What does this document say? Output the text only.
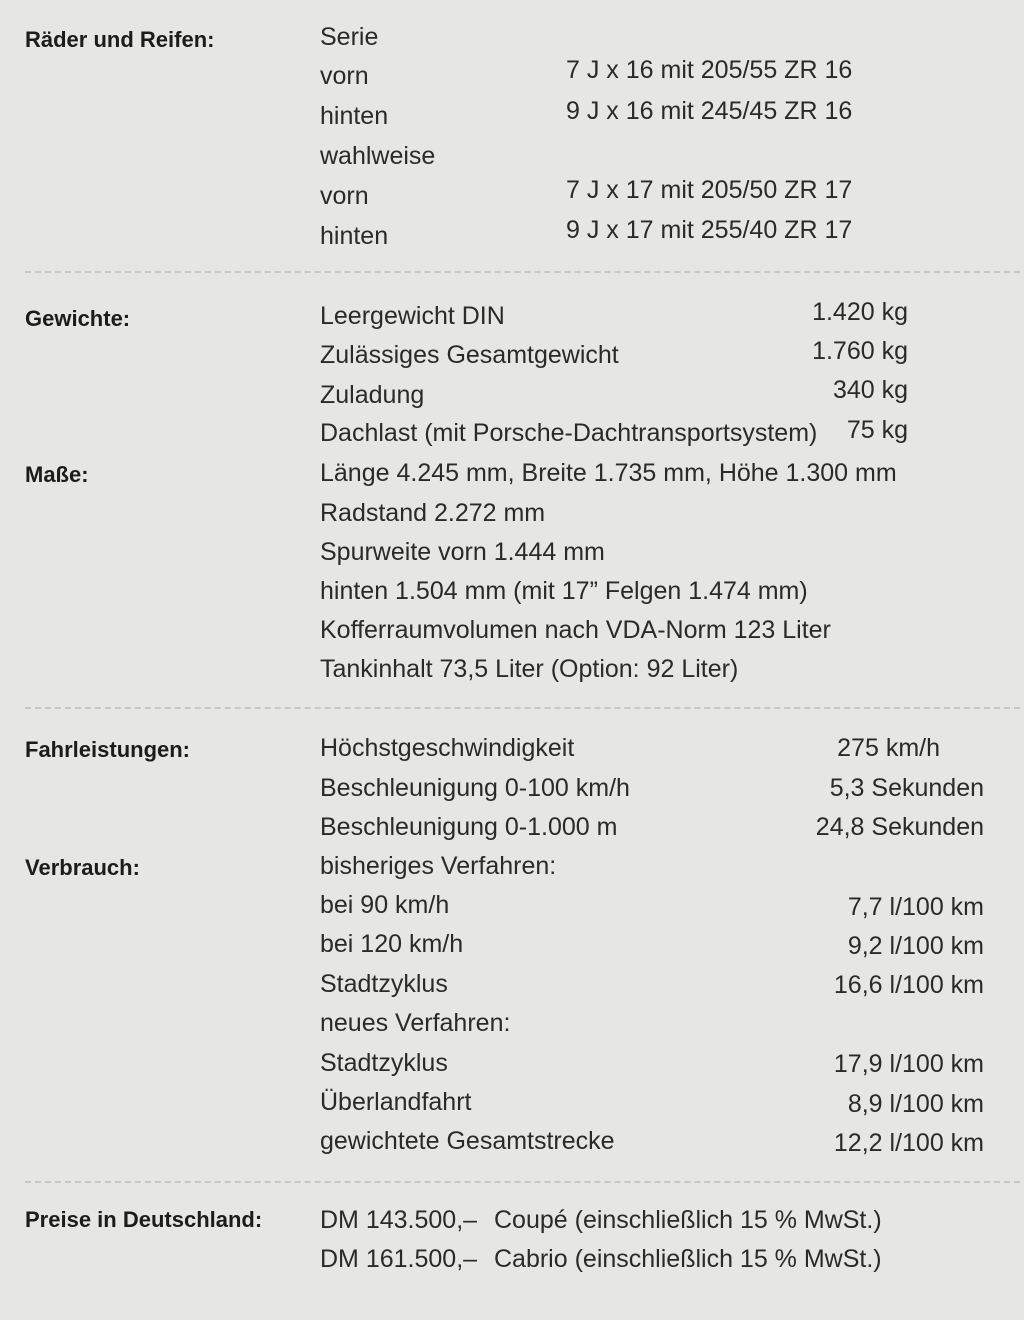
Räder und Reifen:	Serie
vorn	7 J x 16 mit 205/55 ZR 16
hinten	9 J x 16 mit 245/45 ZR 16
wahlweise
vorn	7 J x 17 mit 205/50 ZR 17
hinten	9 J x 17 mit 255/40 ZR 17
Gewichte:	Leergewicht DIN	1.420 kg
Zulässiges Gesamtgewicht	1.760 kg
Zuladung	340 kg
Dachlast (mit Porsche-Dachtransportsystem) 75 kg
Maße:	Länge 4.245 mm, Breite 1.735 mm, Höhe 1.300 mm
Radstand 2.272 mm
Spurweite vorn 1.444 mm
hinten 1.504 mm (mit 17” Felgen 1.474 mm)
Kofferraumvolumen nach VDA-Norm 123 Liter
Tankinhalt 73,5 Liter (Option: 92 Liter)
Fahrleistungen:	Höchstgeschwindigkeit	275 km/h
Beschleunigung 0-100 km/h	5,3 Sekunden
Beschleunigung 0-1.000 m	24,8 Sekunden
Verbrauch:	bisheriges Verfahren:
bei 90 km/h	7,7 l/100 km
bei 120 km/h	9,2 l/100 km
Stadtzyklus	16,6 l/100 km
neues Verfahren:
Stadtzyklus	17,9 l/100 km
Überlandfahrt	8,9 l/100 km
gewichtete Gesamtstrecke	12,2 l/100 km
Preise in Deutschland: DM 143.500,– Coupé (einschließlich 15 % MwSt.)
DM 161.500,– Cabrio (einschließlich 15 % MwSt.)
